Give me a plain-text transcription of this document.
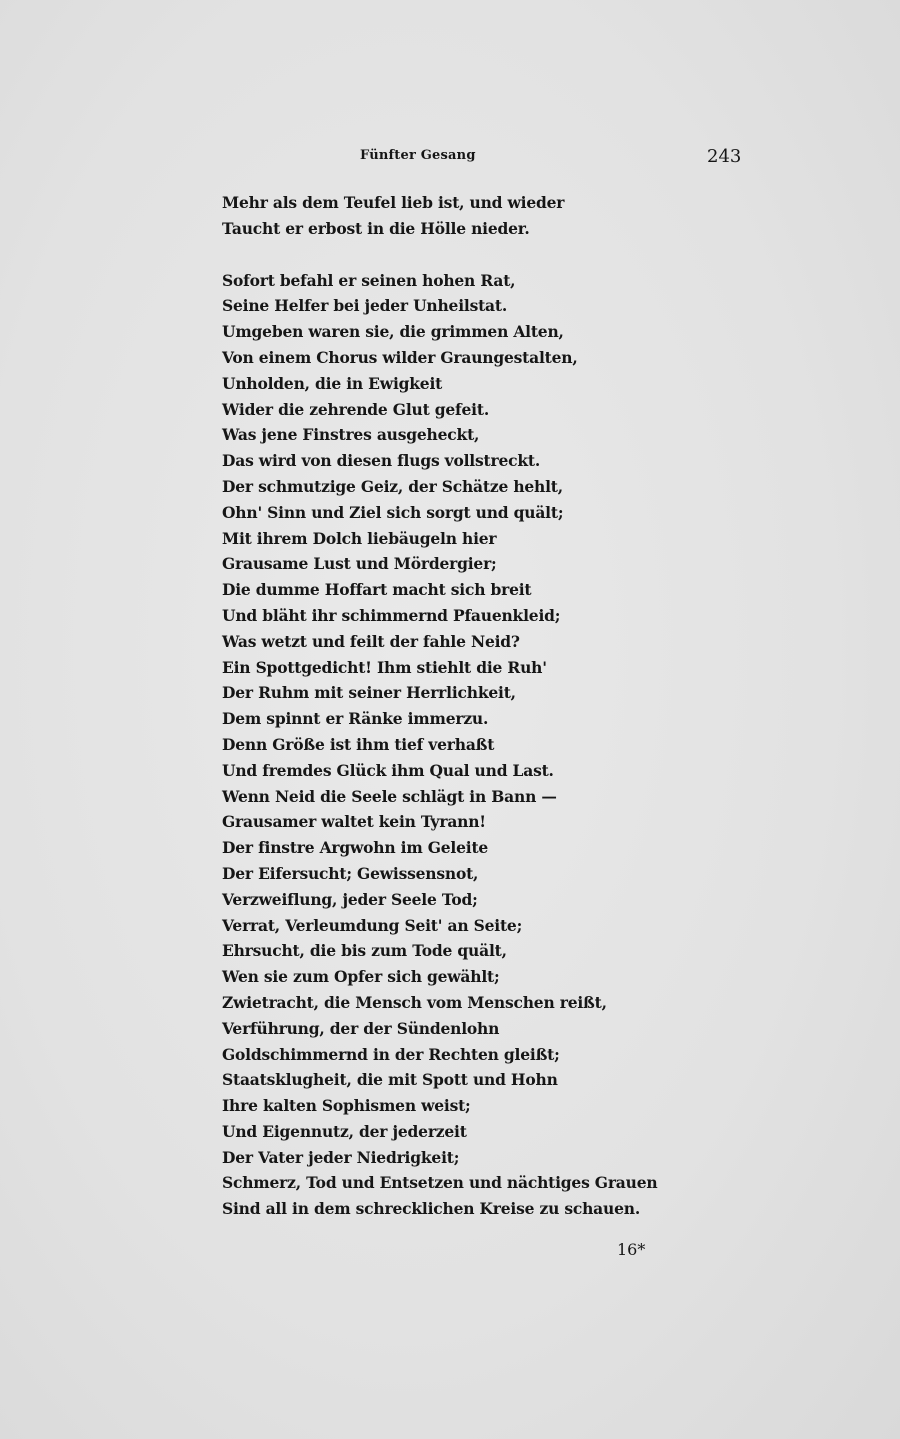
Fünfter Gesang	243
Mehr als dem Teufel lieb ist, und wieder
Taucht er erbost in die Hölle nieder.
Sofort befahl er seinen hohen Rat,
Seine Helfer bei jeder Unheilstat.
Umgeben waren sie, die grimmen Alten,
Von einem Chorus wilder Graungestalten,
Unholden, die in Ewigkeit
Wider die zehrende Glut gefeit.
Was jene Finstres ausgeheckt,
Das wird von diesen flugs vollstreckt.
Der schmutzige Geiz, der Schätze hehlt,
Ohn' Sinn und Ziel sich sorgt und quält;
Mit ihrem Dolch liebäugeln hier
Grausame Lust und Mördergier;
Die dumme Hoffart macht sich breit
Und bläht ihr schimmernd Pfauenkleid;
Was wetzt und feilt der fahle Neid?
Ein Spottgedicht! Ihm stiehlt die Ruh'
Der Ruhm mit seiner Herrlichkeit,
Dem spinnt er Ränke immerzu.
Denn Größe ist ihm tief verhaßt
Und fremdes Glück ihm Qual und Last.
Wenn Neid die Seele schlägt in Bann —
Grausamer waltet kein Tyrann!
Der finstre Argwohn im Geleite
Der Eifersucht; Gewissensnot,
Verzweiflung, jeder Seele Tod;
Verrat, Verleumdung Seit' an Seite;
Ehrsucht, die bis zum Tode quält,
Wen sie zum Opfer sich gewählt;
Zwietracht, die Mensch vom Menschen reißt,
Verführung, der der Sündenlohn
Goldschimmernd in der Rechten gleißt;
Staatsklugheit, die mit Spott und Hohn
Ihre kalten Sophismen weist;
Und Eigennutz, der jederzeit
Der Vater jeder Niedrigkeit;
Schmerz, Tod und Entsetzen und nächtiges Grauen
Sind all in dem schrecklichen Kreise zu schauen.
16*
